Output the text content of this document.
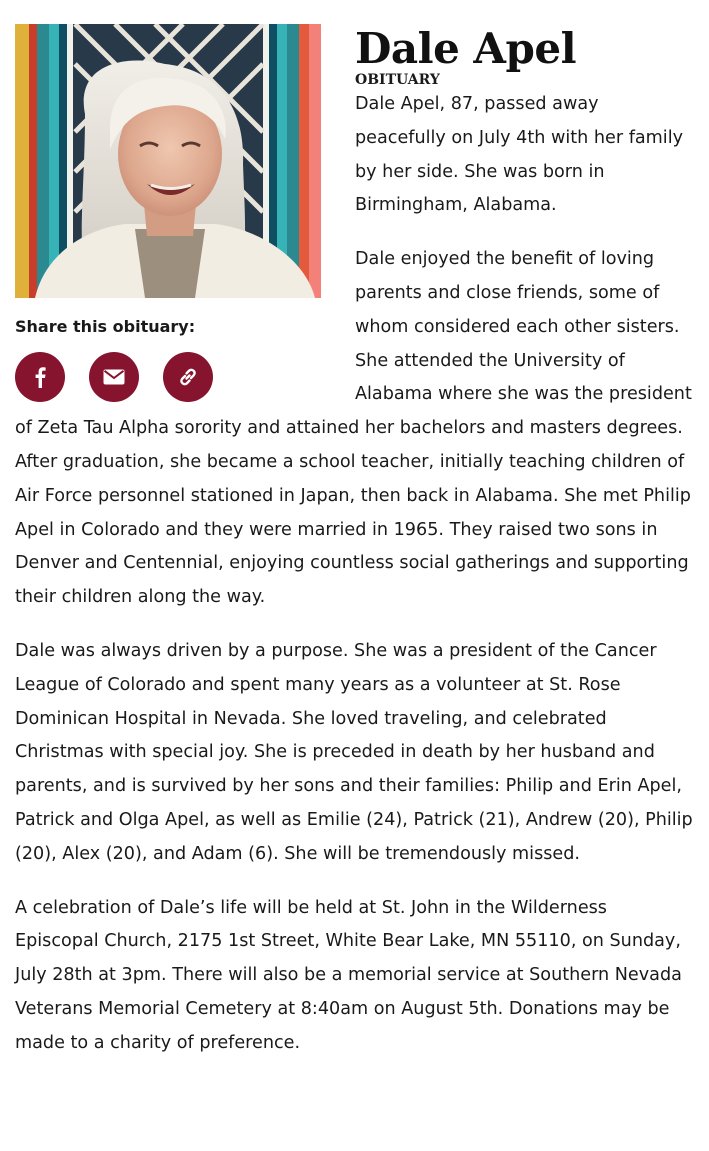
Share this obituary:
Dale Apel
OBITUARY

Dale Apel, 87, passed away peacefully on July 4th with her family by her side. She was born in Birmingham, Alabama.

Dale enjoyed the benefit of loving parents and close friends, some of whom considered each other sisters. She attended the University of Alabama where she was the president of Zeta Tau Alpha sorority and attained her bachelors and masters degrees. After graduation, she became a school teacher, initially teaching children of Air Force personnel stationed in Japan, then back in Alabama. She met Philip Apel in Colorado and they were married in 1965. They raised two sons in Denver and Centennial, enjoying countless social gatherings and supporting their children along the way.

Dale was always driven by a purpose. She was a president of the Cancer League of Colorado and spent many years as a volunteer at St. Rose Dominican Hospital in Nevada. She loved traveling, and celebrated Christmas with special joy. She is preceded in death by her husband and parents, and is survived by her sons and their families: Philip and Erin Apel, Patrick and Olga Apel, as well as Emilie (24), Patrick (21), Andrew (20), Philip (20), Alex (20), and Adam (6). She will be tremendously missed.

A celebration of Dale’s life will be held at St. John in the Wilderness Episcopal Church, 2175 1st Street, White Bear Lake, MN 55110, on Sunday, July 28th at 3pm. There will also be a memorial service at Southern Nevada Veterans Memorial Cemetery at 8:40am on August 5th. Donations may be made to a charity of preference.
